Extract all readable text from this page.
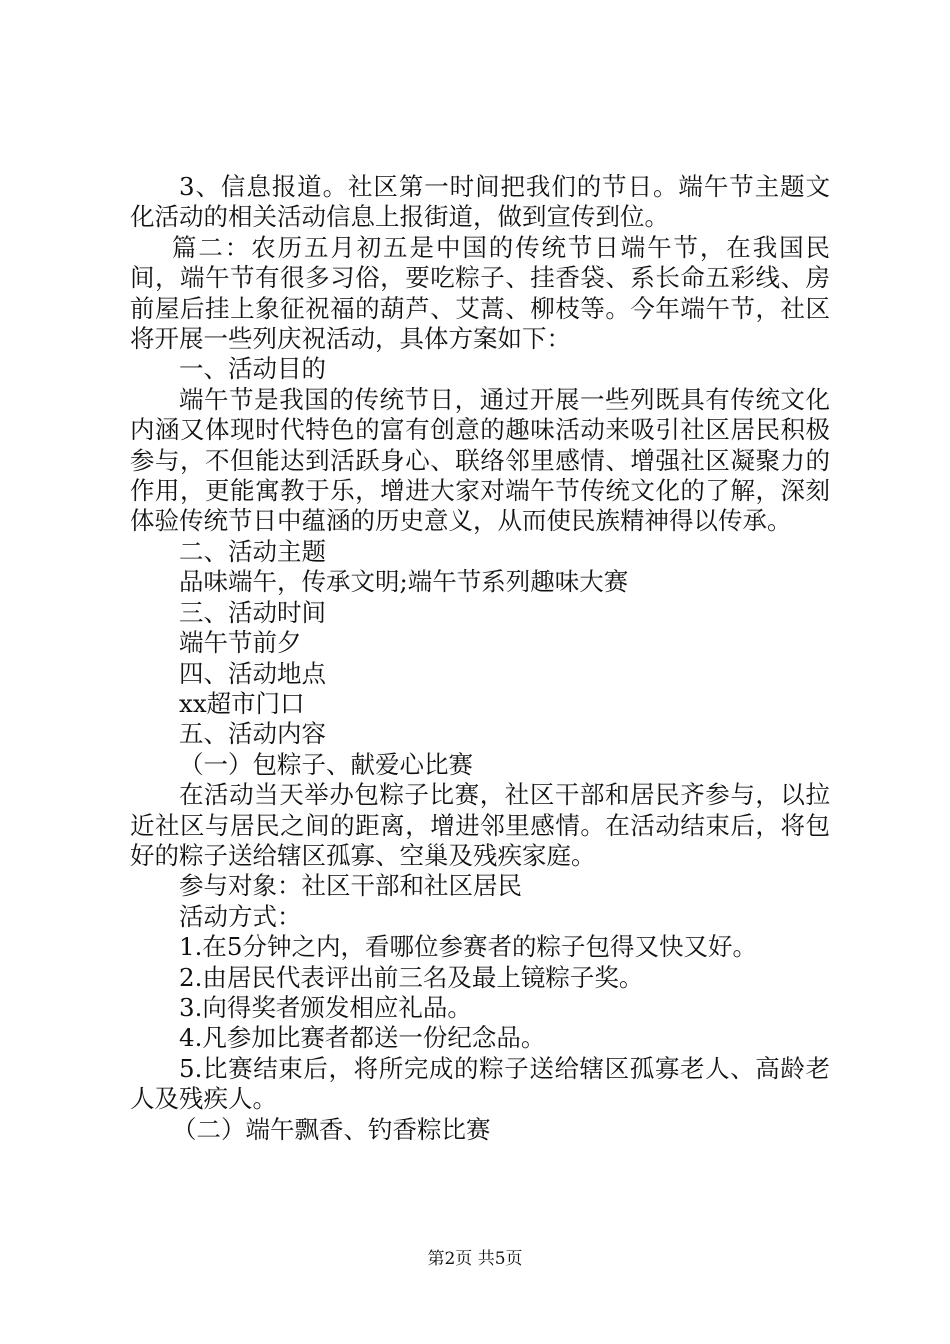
3、信息报道。社区第一时间把我们的节日。端午节主题文化活动的相关活动信息上报街道，做到宣传到位。

篇二：农历五月初五是中国的传统节日端午节，在我国民间，端午节有很多习俗，要吃粽子、挂香袋、系长命五彩线、房前屋后挂上象征祝福的葫芦、艾蒿、柳枝等。今年端午节，社区将开展一些列庆祝活动，具体方案如下：

一、活动目的

端午节是我国的传统节日，通过开展一些列既具有传统文化内涵又体现时代特色的富有创意的趣味活动来吸引社区居民积极参与，不但能达到活跃身心、联络邻里感情、增强社区凝聚力的作用，更能寓教于乐，增进大家对端午节传统文化的了解，深刻体验传统节日中蕴涵的历史意义，从而使民族精神得以传承。

二、活动主题

品味端午，传承文明;端午节系列趣味大赛

三、活动时间

端午节前夕

四、活动地点

xx超市门口

五、活动内容

（一）包粽子、献爱心比赛

在活动当天举办包粽子比赛，社区干部和居民齐参与，以拉近社区与居民之间的距离，增进邻里感情。在活动结束后，将包好的粽子送给辖区孤寡、空巢及残疾家庭。

参与对象：社区干部和社区居民

活动方式：

1.在5分钟之内，看哪位参赛者的粽子包得又快又好。

2.由居民代表评出前三名及最上镜粽子奖。

3.向得奖者颁发相应礼品。

4.凡参加比赛者都送一份纪念品。

5.比赛结束后，将所完成的粽子送给辖区孤寡老人、高龄老人及残疾人。

（二）端午飘香、钓香粽比赛

第2页 共5页
